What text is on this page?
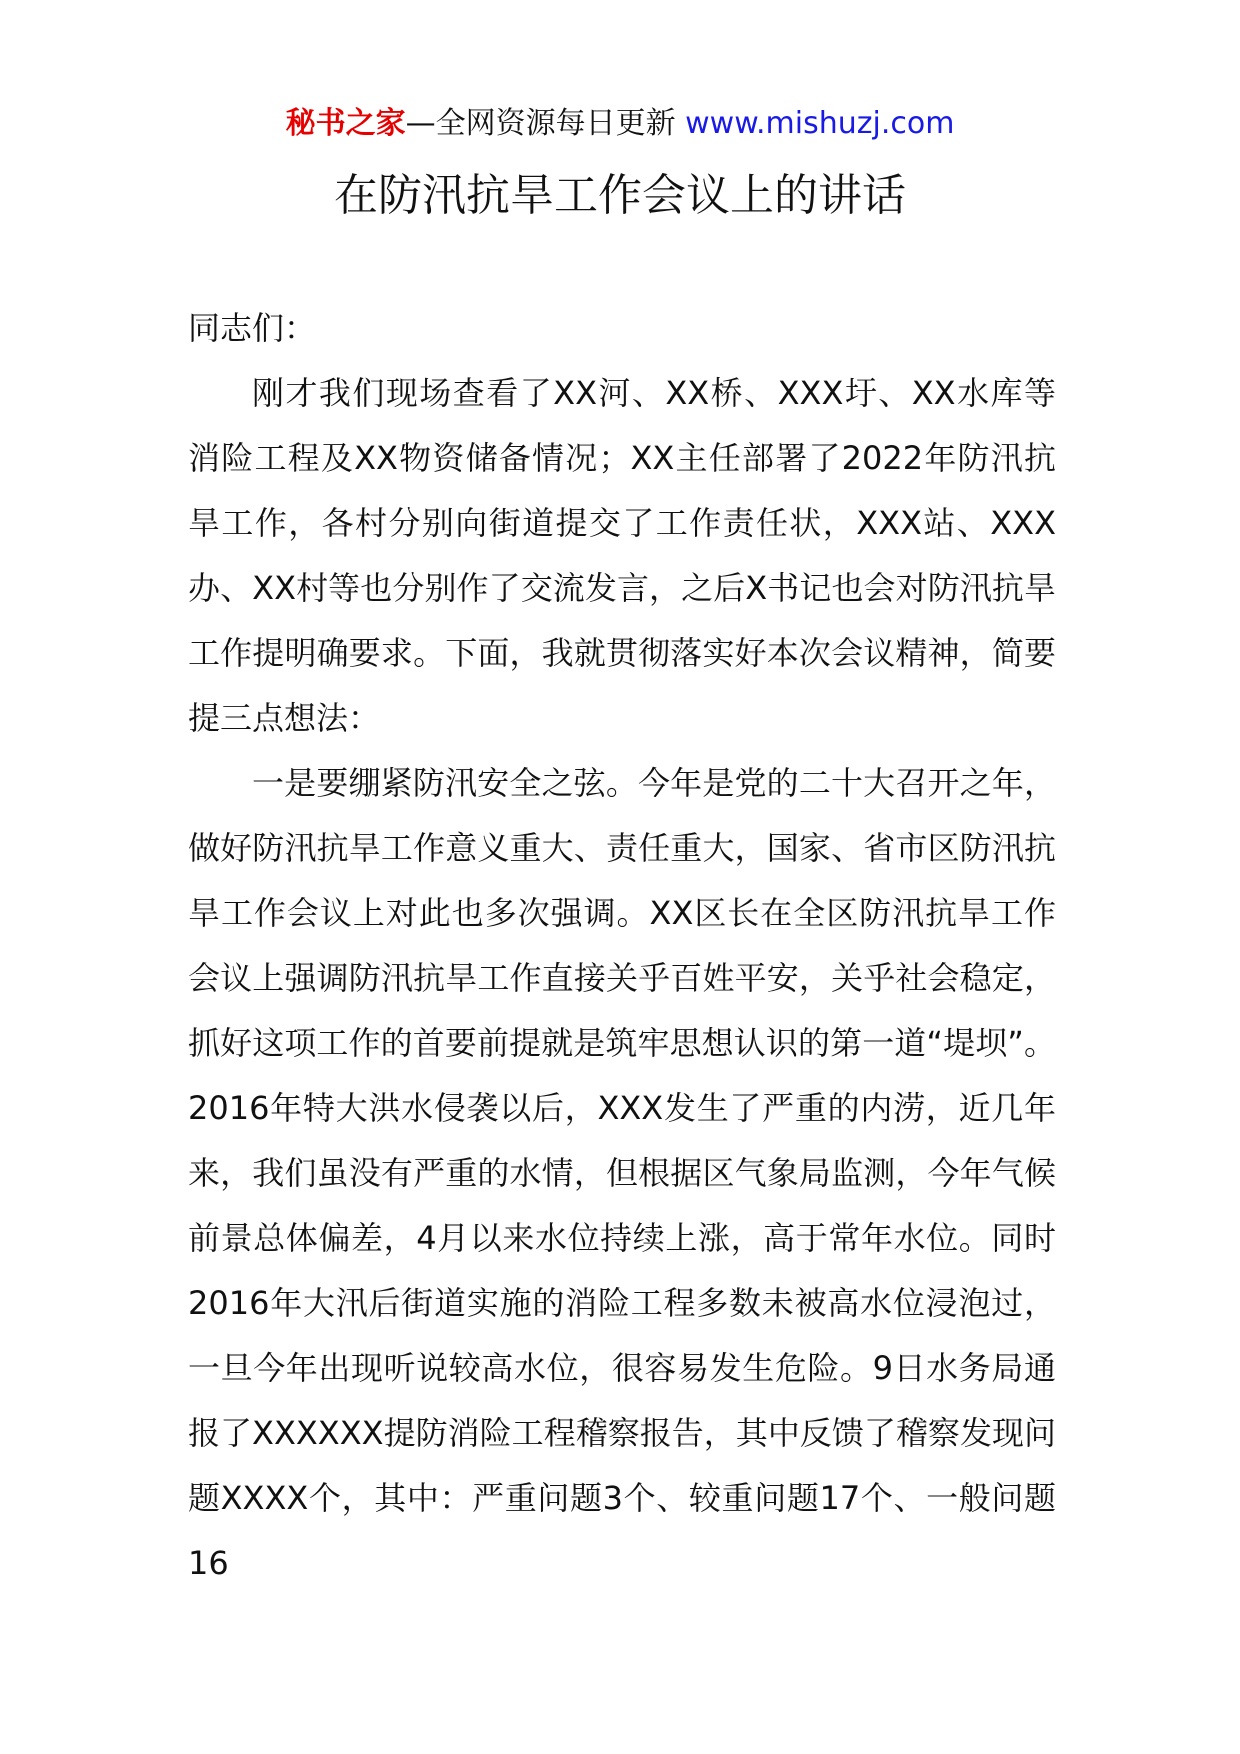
秘书之家—全网资源每日更新 www.mishuzj.com
在防汛抗旱工作会议上的讲话

同志们：

刚才我们现场查看了XX河、XX桥、XXX圩、XX水库等消险工程及XX物资储备情况；XX主任部署了2022年防汛抗旱工作，各村分别向街道提交了工作责任状，XXX站、XXX办、XX村等也分别作了交流发言，之后X书记也会对防汛抗旱工作提明确要求。下面，我就贯彻落实好本次会议精神，简要提三点想法：

一是要绷紧防汛安全之弦。今年是党的二十大召开之年，做好防汛抗旱工作意义重大、责任重大，国家、省市区防汛抗旱工作会议上对此也多次强调。XX区长在全区防汛抗旱工作会议上强调防汛抗旱工作直接关乎百姓平安，关乎社会稳定，抓好这项工作的首要前提就是筑牢思想认识的第一道“堤坝”。2016年特大洪水侵袭以后，XXX发生了严重的内涝，近几年来，我们虽没有严重的水情，但根据区气象局监测，今年气候前景总体偏差，4月以来水位持续上涨，高于常年水位。同时2016年大汛后街道实施的消险工程多数未被高水位浸泡过，一旦今年出现听说较高水位，很容易发生危险。9日水务局通报了XXXXXX提防消险工程稽察报告，其中反馈了稽察发现问题XXXX个，其中：严重问题3个、较重问题17个、一般问题16
